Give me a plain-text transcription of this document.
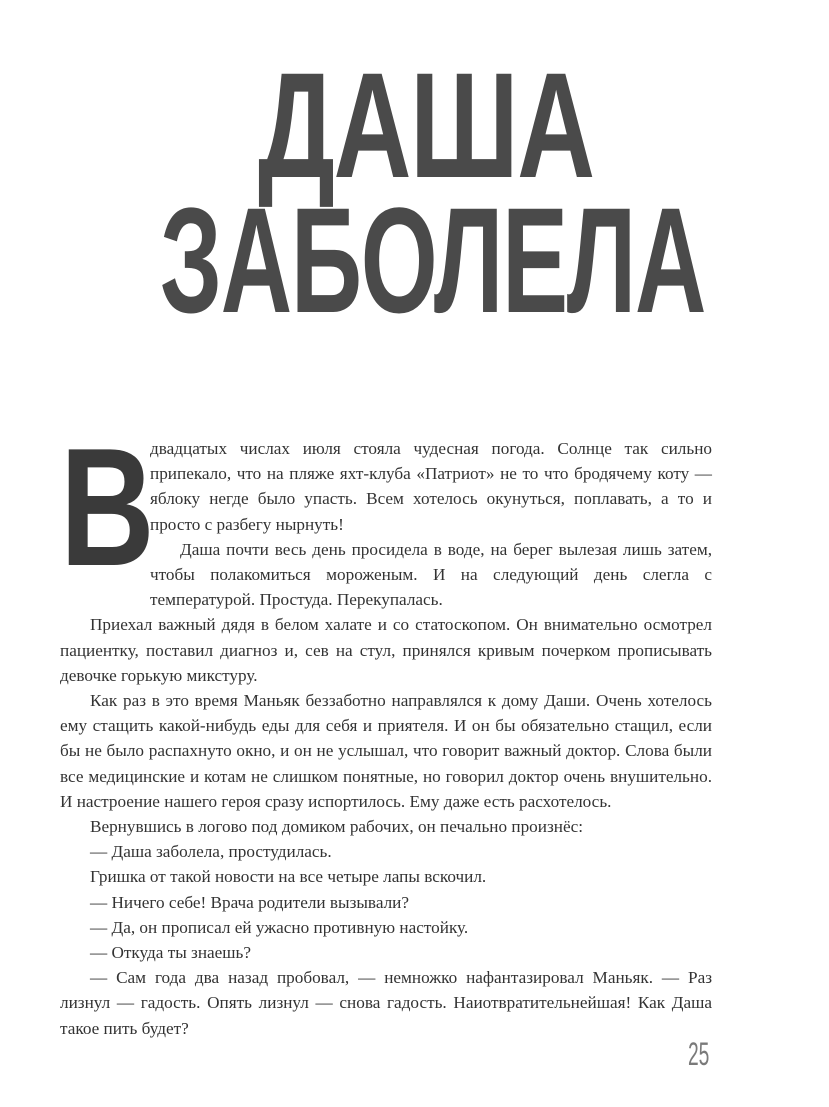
ДАША
ЗАБОЛЕЛА
В

двадцатых числах июля стояла чудесная погода. Солнце так сильно припекало, что на пляже яхт-клуба «Патриот» не то что бродячему коту — яблоку негде было упасть. Всем хотелось окунуться, поплавать, а то и просто с разбегу нырнуть!

Даша почти весь день просидела в воде, на берег вылезая лишь затем, чтобы полакомиться мороженым. И на следующий день слегла с температурой. Простуда. Перекупалась.

Приехал важный дядя в белом халате и со статоскопом. Он внимательно осмотрел пациентку, поставил диагноз и, сев на стул, принялся кривым почерком прописывать девочке горькую микстуру.

Как раз в это время Маньяк беззаботно направлялся к дому Даши. Очень хотелось ему стащить какой-нибудь еды для себя и приятеля. И он бы обязательно стащил, если бы не было распахнуто окно, и он не услышал, что говорит важный доктор. Слова были все медицинские и котам не слишком понятные, но говорил доктор очень внушительно. И настроение нашего героя сразу испортилось. Ему даже есть расхотелось.

Вернувшись в логово под домиком рабочих, он печально произнёс:

— Даша заболела, простудилась.

Гришка от такой новости на все четыре лапы вскочил.

— Ничего себе! Врача родители вызывали?

— Да, он прописал ей ужасно противную настойку.

— Откуда ты знаешь?

— Сам года два назад пробовал, — немножко нафантазировал Маньяк. — Раз лизнул — гадость. Опять лизнул — снова гадость. Наиотвратительнейшая! Как Даша такое пить будет?

25
